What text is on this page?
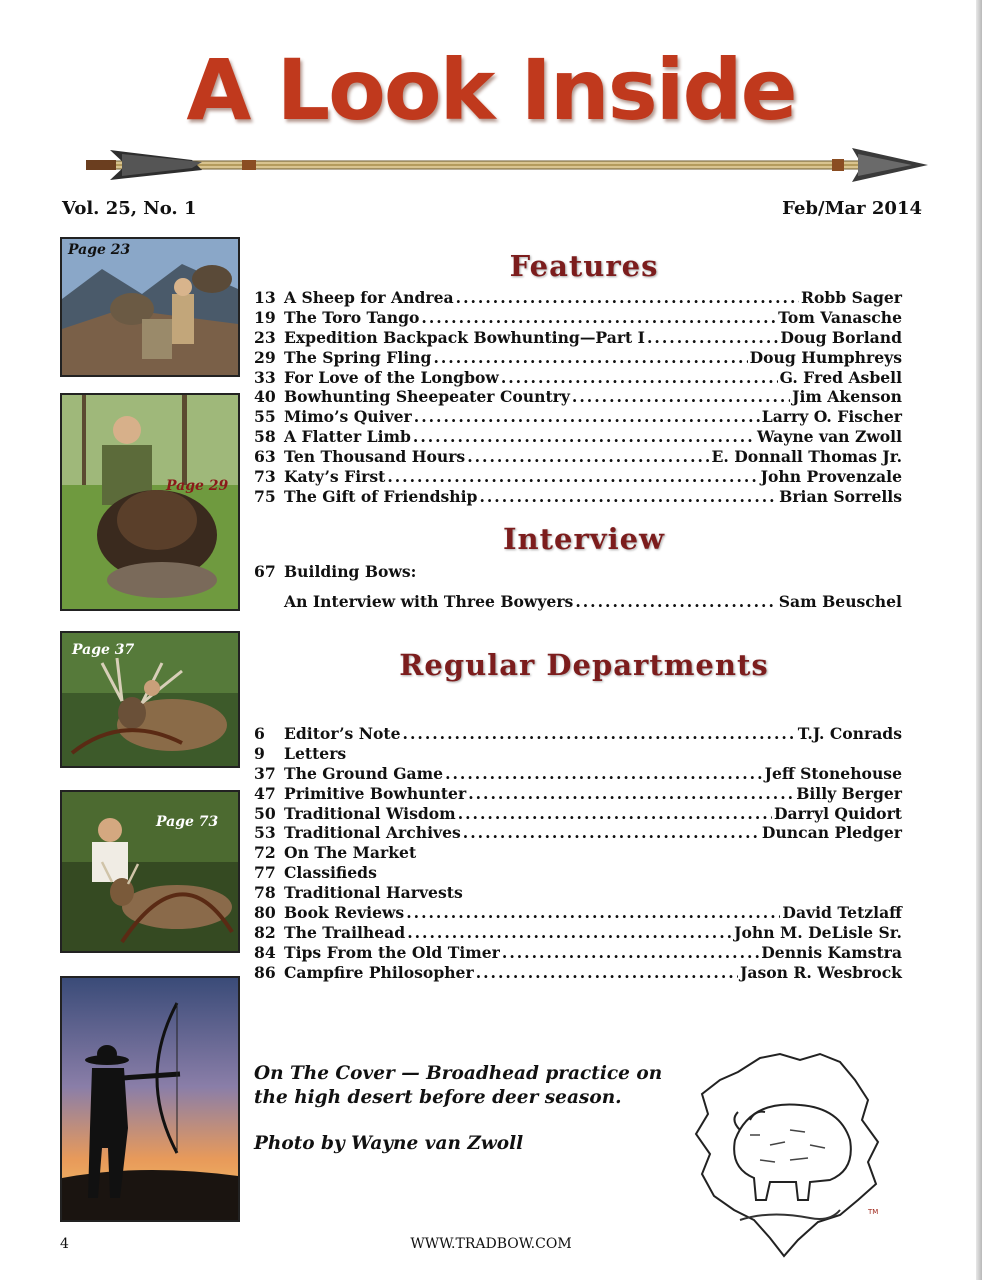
A Look Inside
Vol. 25, No. 1	Feb/Mar 2014
Page 23
Page 29
Page 37
Page 73
Features
13 A Sheep for Andrea .....	Robb Sager
19 The Toro Tango .....	Tom Vanasche
23 Expedition Backpack Bowhunting—Part I .....	Doug Borland
29 The Spring Fling .....	Doug Humphreys
33 For Love of the Longbow .....	G. Fred Asbell
40 Bowhunting Sheepeater Country .....	Jim Akenson
55 Mimo’s Quiver .....	Larry O. Fischer
58 A Flatter Limb .....	Wayne van Zwoll
63 Ten Thousand Hours .....	E. Donnall Thomas Jr.
73 Katy’s First .....	John Provenzale
75 The Gift of Friendship .....	Brian Sorrells
Interview
67 Building Bows:
An Interview with Three Bowyers .....	Sam Beuschel
Regular Departments
6	Editor’s Note .....	T.J. Conrads
9	Letters
37 The Ground Game .....	Jeff Stonehouse
47 Primitive Bowhunter .....	Billy Berger
50 Traditional Wisdom .....	Darryl Quidort
53 Traditional Archives .....	Duncan Pledger
72 On The Market
77 Classifieds
78 Traditional Harvests
80 Book Reviews .....	David Tetzlaff
82 The Trailhead .....	John M. DeLisle Sr.
84 Tips From the Old Timer .....	Dennis Kamstra
86 Campfire Philosopher .....	Jason R. Wesbrock
On The Cover — Broadhead practice on the high desert before deer season.
Photo by Wayne van Zwoll
TM
4	WWW.TRADBOW.COM
